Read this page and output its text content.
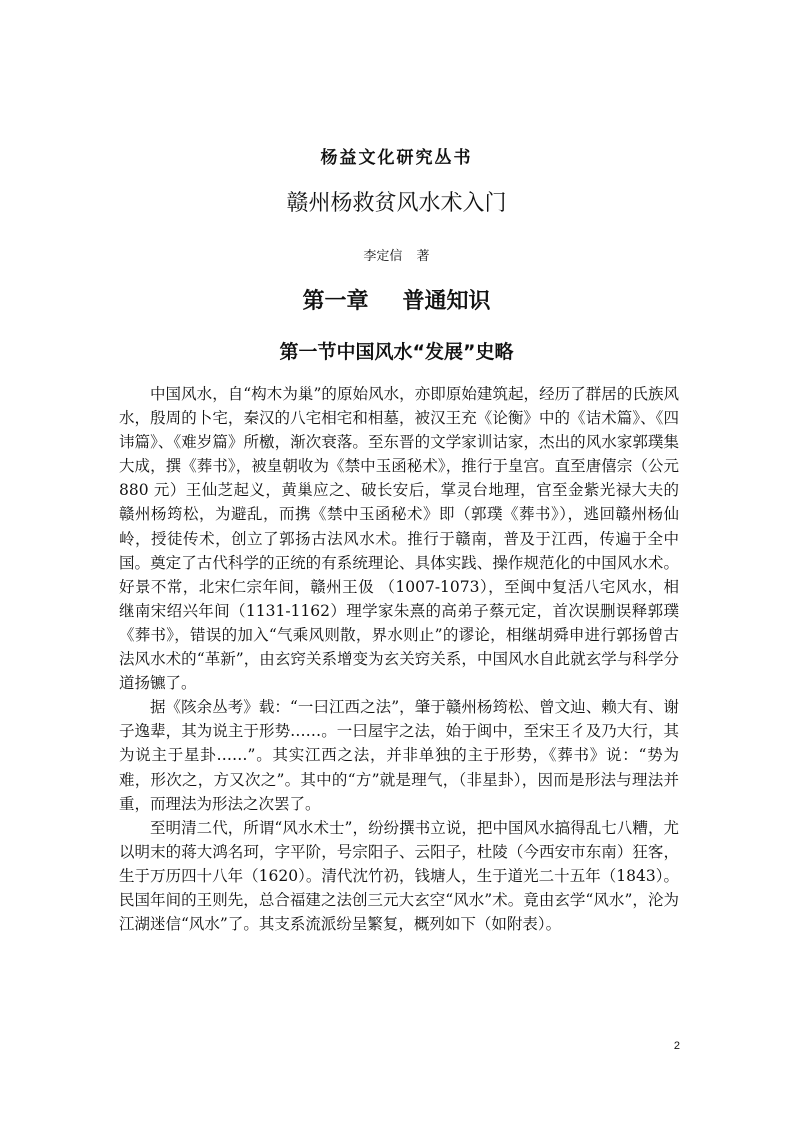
杨益文化研究丛书
赣州杨救贫风水术入门
李定信 著
第一章 普通知识
第一节中国风水“发展”史略

中国风水，自“构木为巢”的原始风水，亦即原始建筑起，经历了群居的氏族风水，殷周的卜宅，秦汉的八宅相宅和相墓，被汉王充《论衡》中的《诘术篇》、《四讳篇》、《难岁篇》所檄，渐次衰落。至东晋的文学家训诂家，杰出的风水家郭璞集大成，撰《葬书》，被皇朝收为《禁中玉函秘术》，推行于皇宫。直至唐僖宗（公元 880 元）王仙芝起义，黄巢应之、破长安后，掌灵台地理，官至金紫光禄大夫的赣州杨筠松，为避乱，而携《禁中玉函秘术》即（郭璞《葬书》），逃回赣州杨仙岭，授徒传术，创立了郭扬古法风水术。推行于赣南，普及于江西，传遍于全中国。奠定了古代科学的正统的有系统理论、具体实践、操作规范化的中国风水术。好景不常，北宋仁宗年间，赣州王伋 （1007-1073），至闽中复活八宅风水，相继南宋绍兴年间（1131-1162）理学家朱熹的高弟子蔡元定，首次误删误释郭璞《葬书》，错误的加入“气乘风则散，界水则止”的谬论，相继胡舜申进行郭扬曾古法风水术的“革新”，由玄窍关系增变为玄关窍关系，中国风水自此就玄学与科学分道扬镳了。

据《陔余丛考》载：“一曰江西之法”，肇于赣州杨筠松、曾文辿、赖大有、谢子逸辈，其为说主于形势……。一曰屋宇之法，始于闽中，至宋王彳及乃大行，其为说主于星卦……”。其实江西之法，并非单独的主于形势，《葬书》说：“势为难，形次之，方又次之”。其中的“方”就是理气，（非星卦），因而是形法与理法并重，而理法为形法之次罢了。

至明清二代，所谓“风水术士”，纷纷撰书立说，把中国风水搞得乱七八糟，尤以明末的蒋大鸿名珂，字平阶，号宗阳子、云阳子，杜陵（今西安市东南）狂客，生于万历四十八年（1620）。清代沈竹礽，钱塘人，生于道光二十五年（1843）。民国年间的王则先，总合福建之法创三元大玄空“风水”术。竟由玄学“风水”，沦为江湖迷信“风水”了。其支系流派纷呈繁复，概列如下（如附表）。

2
